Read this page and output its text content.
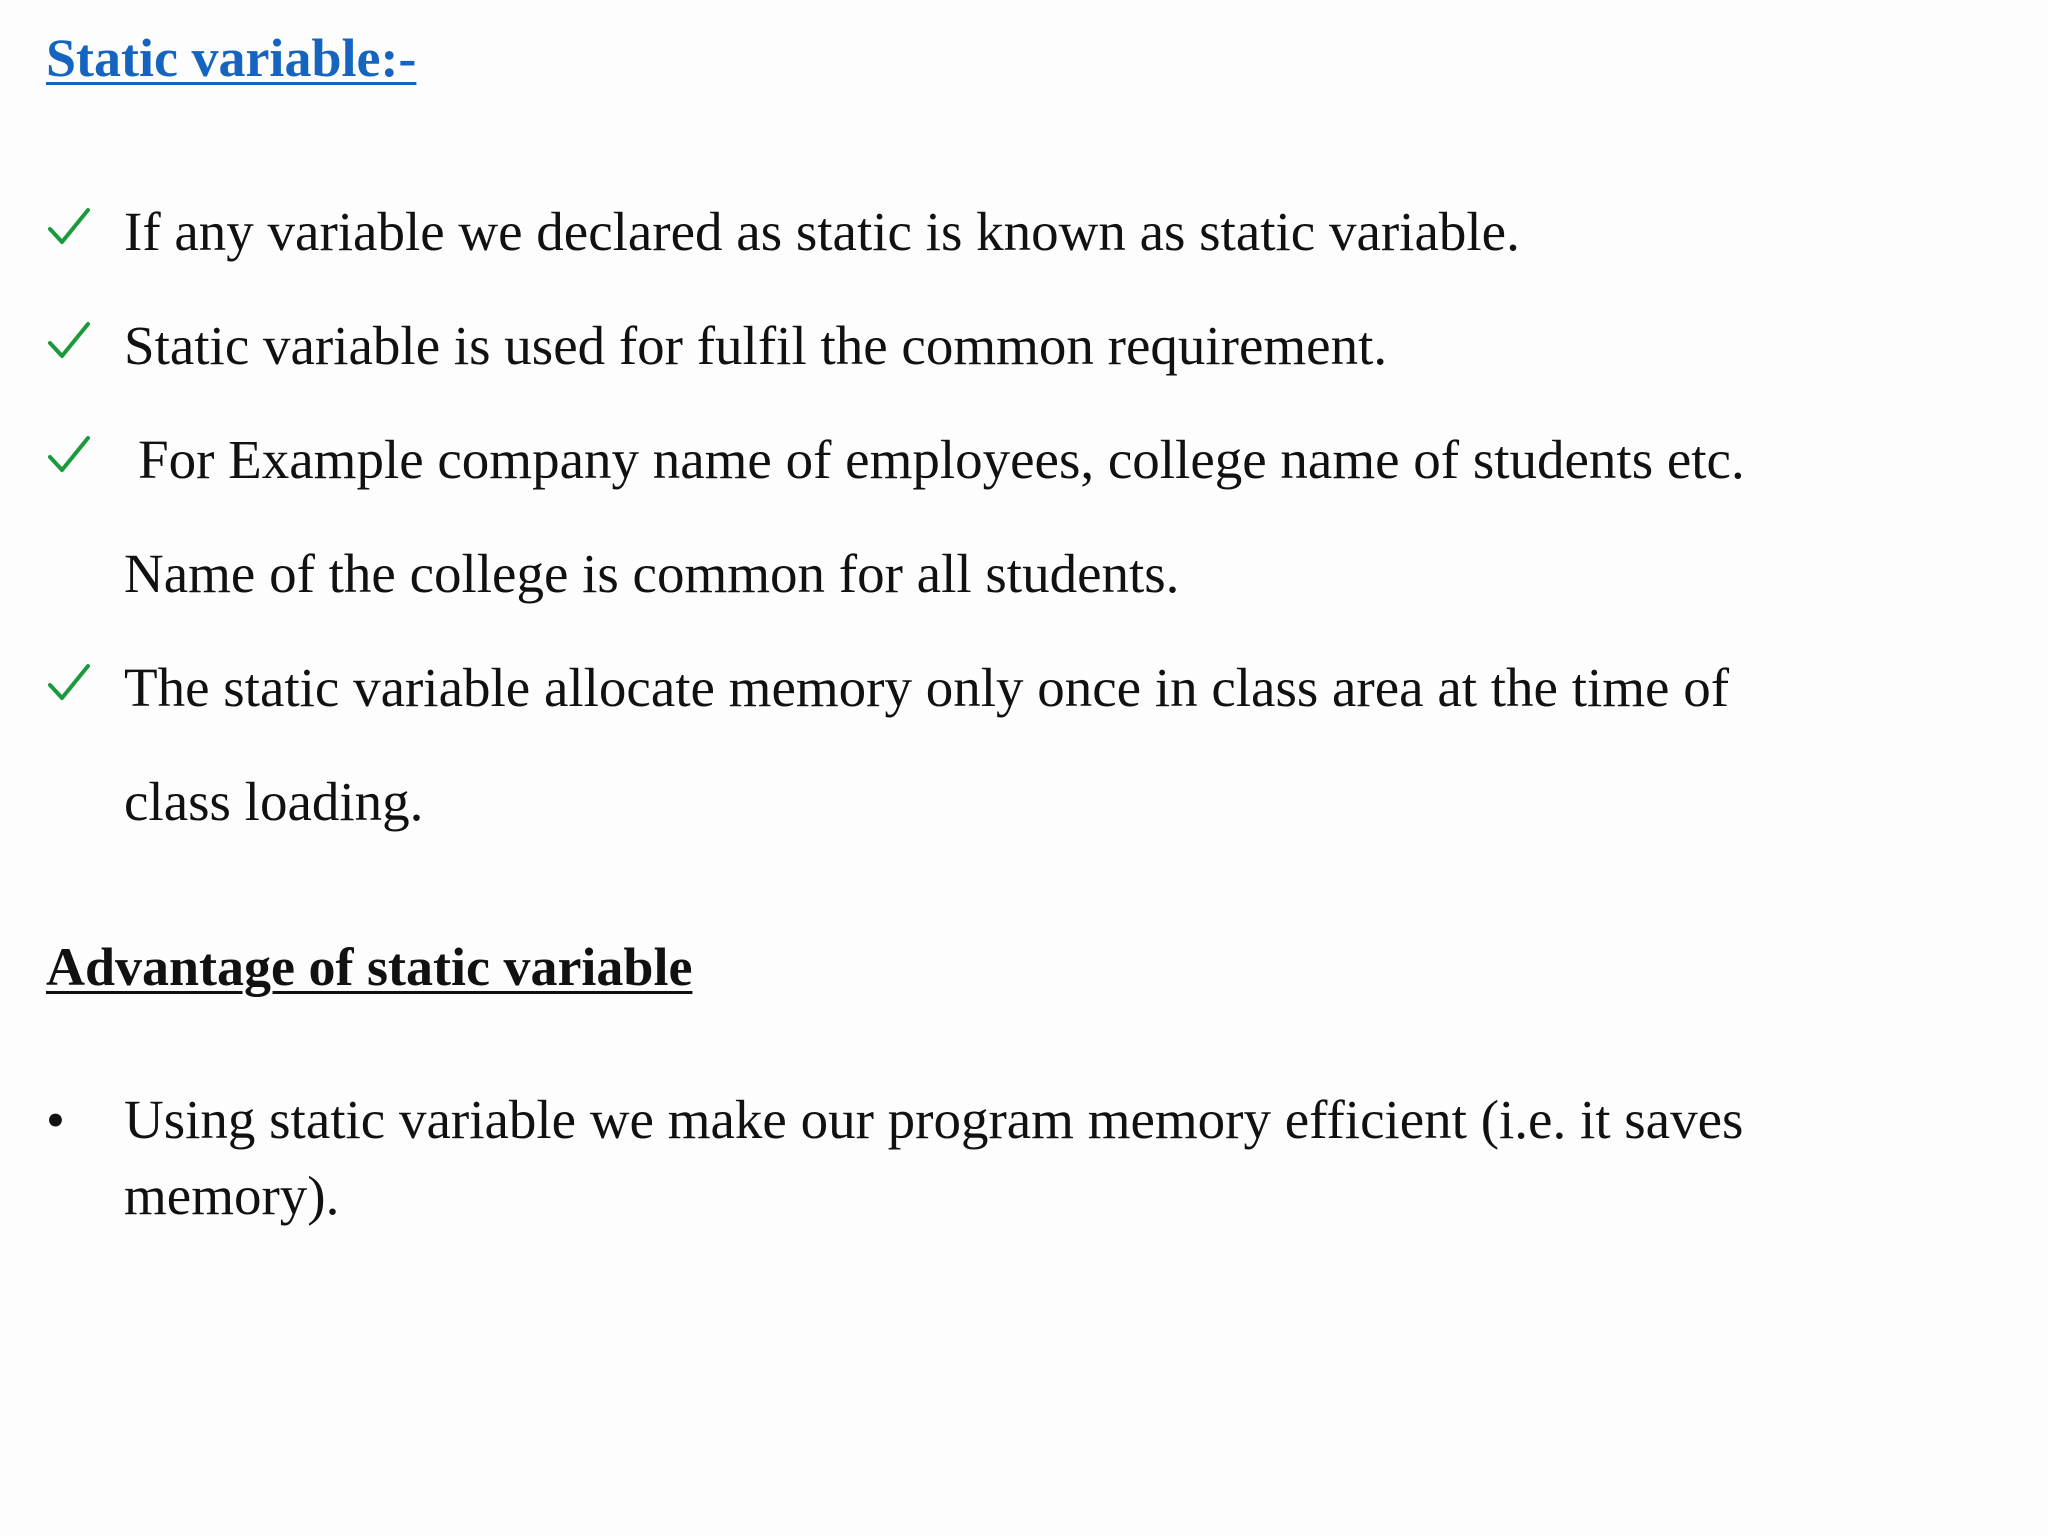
Static variable:-
If any variable we declared as static is known as static variable.
Static variable is used for fulfil the common requirement.
For Example company name of employees, college name of students etc.
Name of the college is common for all students.
The static variable allocate memory only once in class area at the time of
class loading.
Advantage of static variable
• Using static variable we make our program memory efficient (i.e. it saves
memory).
